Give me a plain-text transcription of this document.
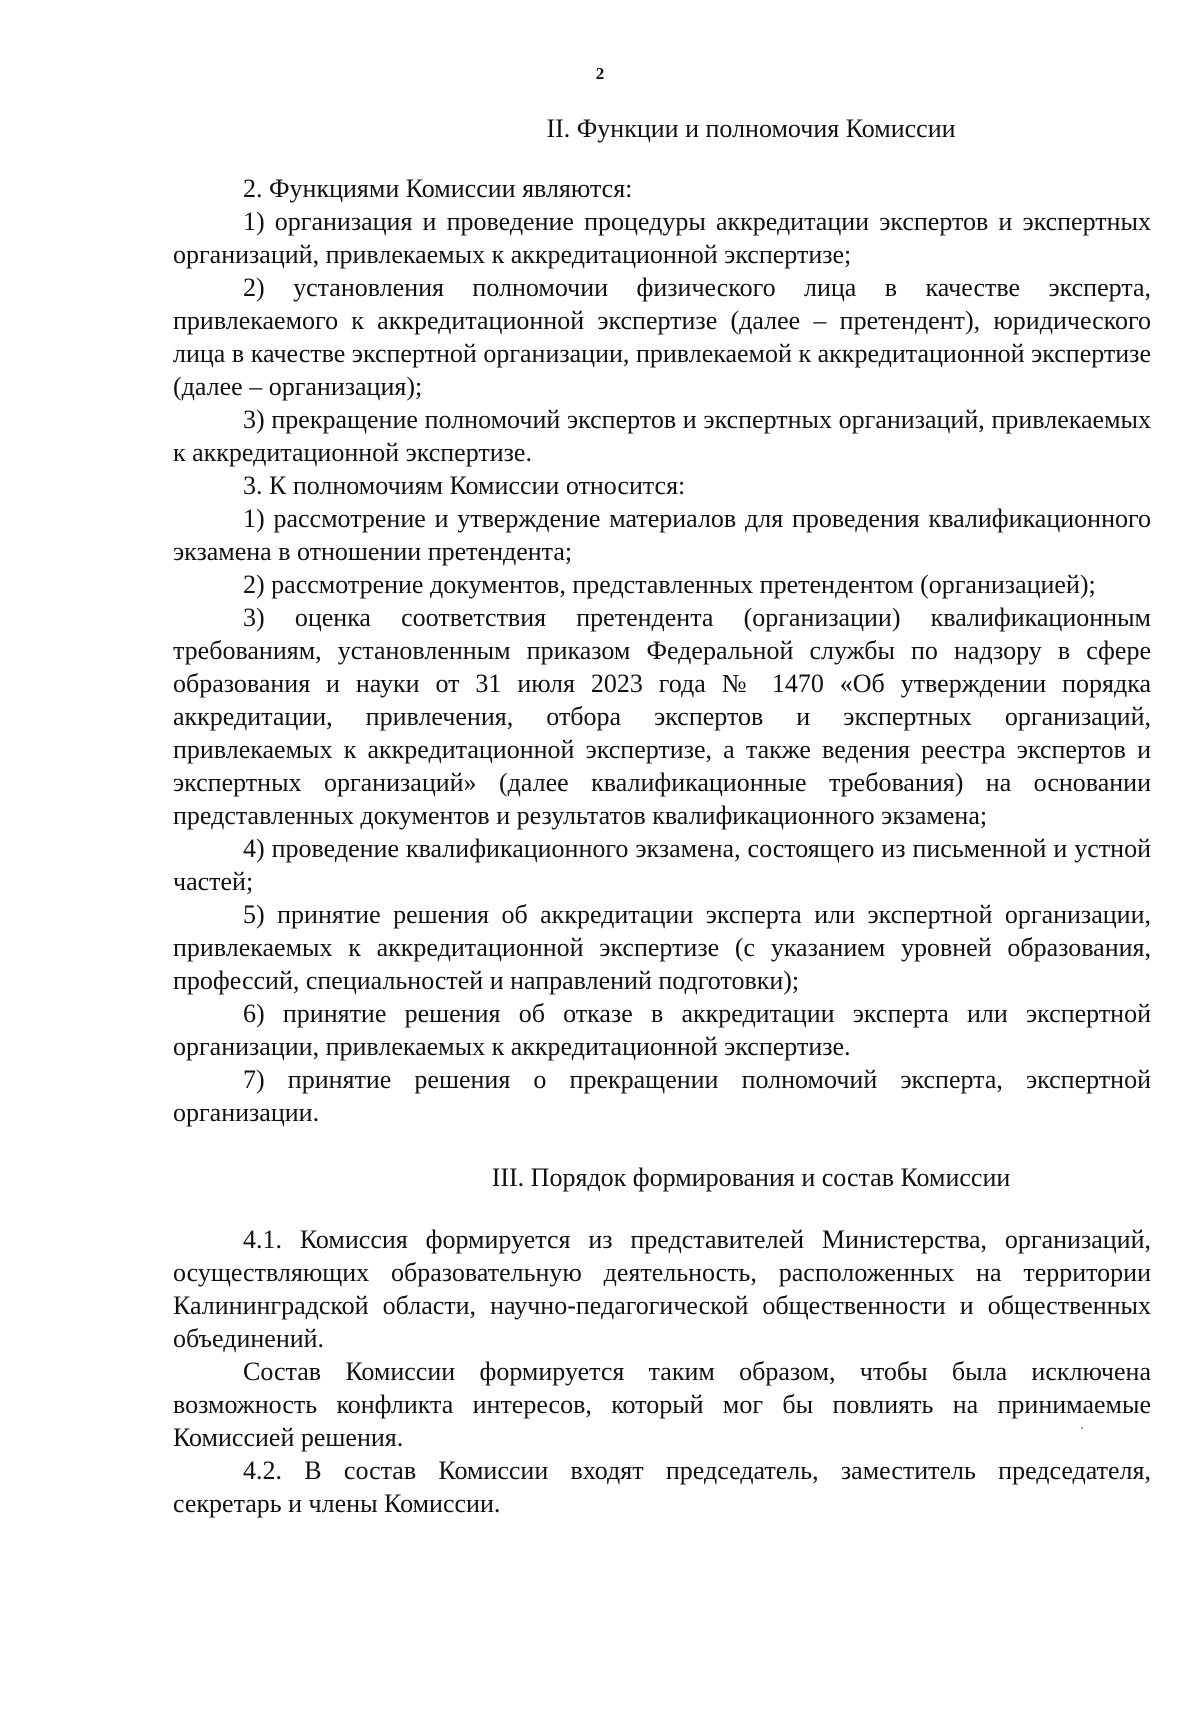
2
II. Функции и полномочия Комиссии

2. Функциями Комиссии являются:

1) организация и проведение процедуры аккредитации экспертов и экспертных организаций, привлекаемых к аккредитационной экспертизе;

2) установления полномочии физического лица в качестве эксперта, привлекаемого к аккредитационной экспертизе (далее – претендент), юридического лица в качестве экспертной организации, привлекаемой к аккредитационной экспертизе (далее – организация);

3) прекращение полномочий экспертов и экспертных организаций, привлекаемых к аккредитационной экспертизе.

3. К полномочиям Комиссии относится:

1) рассмотрение и утверждение материалов для проведения квалификационного экзамена в отношении претендента;

2) рассмотрение документов, представленных претендентом (организацией);

3) оценка соответствия претендента (организации) квалификационным требованиям, установленным приказом Федеральной службы по надзору в сфере образования и науки от 31 июля 2023 года № 1470 «Об утверждении порядка аккредитации, привлечения, отбора экспертов и экспертных организаций, привлекаемых к аккредитационной экспертизе, а также ведения реестра экспертов и экспертных организаций» (далее квалификационные требования) на основании представленных документов и результатов квалификационного экзамена;

4) проведение квалификационного экзамена, состоящего из письменной и устной частей;

5) принятие решения об аккредитации эксперта или экспертной организации, привлекаемых к аккредитационной экспертизе (с указанием уровней образования, профессий, специальностей и направлений подготовки);

6) принятие решения об отказе в аккредитации эксперта или экспертной организации, привлекаемых к аккредитационной экспертизе.

7) принятие решения о прекращении полномочий эксперта, экспертной организации.

III. Порядок формирования и состав Комиссии

4.1. Комиссия формируется из представителей Министерства, организаций, осуществляющих образовательную деятельность, расположенных на территории Калининградской области, научно-педагогической общественности и общественных объединений.

Состав Комиссии формируется таким образом, чтобы была исключена возможность конфликта интересов, который мог бы повлиять на принимаемые Комиссией решения.

4.2. В состав Комиссии входят председатель, заместитель председателя, секретарь и члены Комиссии.
